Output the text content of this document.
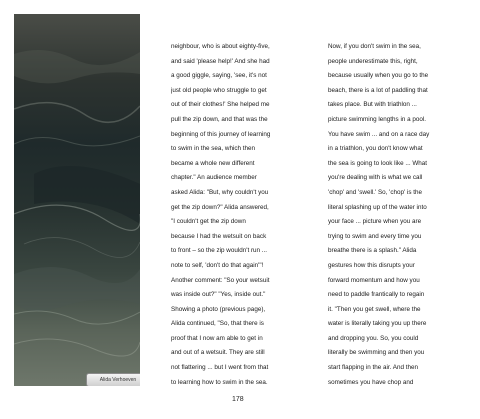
Alida Verhoeven
neighbour, who is about eighty-five,
and said 'please help!' And she had
a good giggle, saying, 'see, it's not
just old people who struggle to get
out of their clothes!' She helped me
pull the zip down, and that was the
beginning of this journey of learning
to swim in the sea, which then
became a whole new different
chapter." An audience member
asked Alida: "But, why couldn't you
get the zip down?" Alida answered,
"I couldn't get the zip down
because I had the wetsuit on back
to front – so the zip wouldn't run ...
note to self, 'don't do that again'"!
Another comment: "So your wetsuit
was inside out?" "Yes, inside out."
Showing a photo (previous page),
Alida continued, "So, that there is
proof that I now am able to get in
and out of a wetsuit. They are still
not flattering ... but I went from that
to learning how to swim in the sea.
Now, if you don't swim in the sea,
people underestimate this, right,
because usually when you go to the
beach, there is a lot of paddling that
takes place. But with triathlon ...
picture swimming lengths in a pool.
You have swim ... and on a race day
in a triathlon, you don't know what
the sea is going to look like ... What
you're dealing with is what we call
'chop' and 'swell.' So, 'chop' is the
literal splashing up of the water into
your face ... picture when you are
trying to swim and every time you
breathe there is a splash." Alida
gestures how this disrupts your
forward momentum and how you
need to paddle frantically to regain
it. "Then you get swell, where the
water is literally taking you up there
and dropping you. So, you could
literally be swimming and then you
start flapping in the air. And then
sometimes you have chop and
178
